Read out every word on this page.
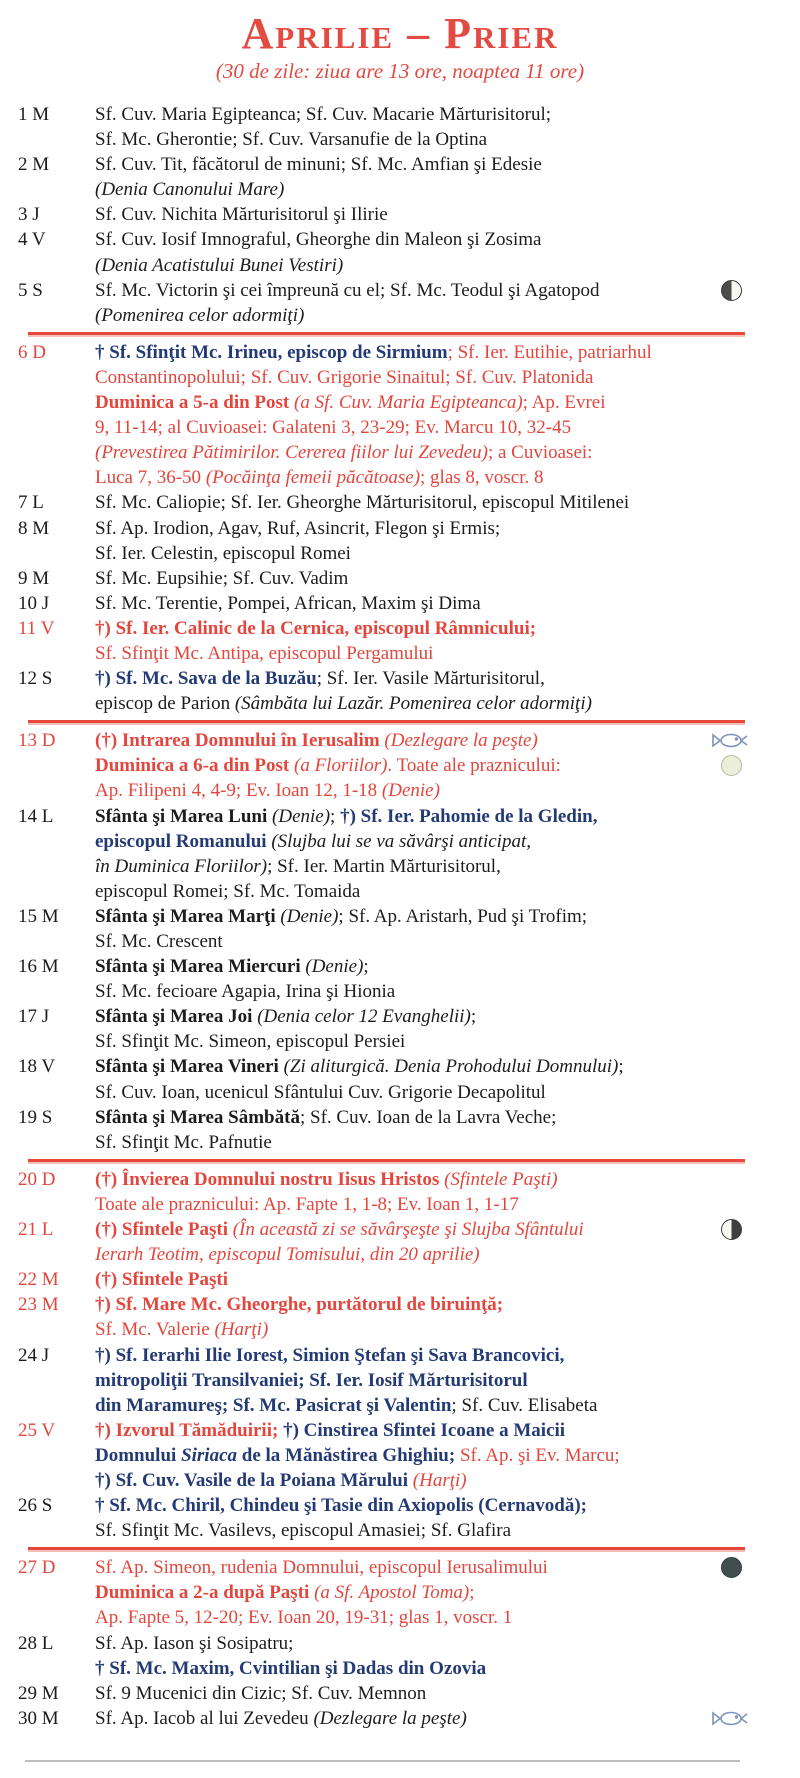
Aprilie – Prier
(30 de zile: ziua are 13 ore, noaptea 11 ore)
1 M	Sf. Cuv. Maria Egipteanca; Sf. Cuv. Macarie Mărturisitorul;
Sf. Mc. Gherontie; Sf. Cuv. Varsanufie de la Optina
2 M	Sf. Cuv. Tit, făcătorul de minuni; Sf. Mc. Amfian şi Edesie
(Denia Canonului Mare)
3 J	Sf. Cuv. Nichita Mărturisitorul şi Ilirie
4 V	Sf. Cuv. Iosif Imnograful, Gheorghe din Maleon şi Zosima
(Denia Acatistului Bunei Vestiri)
5 S	Sf. Mc. Victorin şi cei împreună cu el; Sf. Mc. Teodul şi Agatopod
(Pomenirea celor adormiţi)
6 D	† Sf. Sfinţit Mc. Irineu, episcop de Sirmium; Sf. Ier. Eutihie, patriarhul
Constantinopolului; Sf. Cuv. Grigorie Sinaitul; Sf. Cuv. Platonida
Duminica a 5-a din Post (a Sf. Cuv. Maria Egipteanca); Ap. Evrei
9, 11-14; al Cuvioasei: Galateni 3, 23-29; Ev. Marcu 10, 32-45
(Prevestirea Pătimirilor. Cererea fiilor lui Zevedeu); a Cuvioasei:
Luca 7, 36-50 (Pocăinţa femeii păcătoase); glas 8, voscr. 8
7 L	Sf. Mc. Caliopie; Sf. Ier. Gheorghe Mărturisitorul, episcopul Mitilenei
8 M	Sf. Ap. Irodion, Agav, Ruf, Asincrit, Flegon şi Ermis;
Sf. Ier. Celestin, episcopul Romei
9 M	Sf. Mc. Eupsihie; Sf. Cuv. Vadim
10 J	Sf. Mc. Terentie, Pompei, African, Maxim şi Dima
11 V	†) Sf. Ier. Calinic de la Cernica, episcopul Râmnicului;
Sf. Sfinţit Mc. Antipa, episcopul Pergamului
12 S	†) Sf. Mc. Sava de la Buzău; Sf. Ier. Vasile Mărturisitorul,
episcop de Parion (Sâmbăta lui Lazăr. Pomenirea celor adormiţi)
13 D	(†) Intrarea Domnului în Ierusalim (Dezlegare la peşte)
Duminica a 6-a din Post (a Floriilor). Toate ale praznicului:
Ap. Filipeni 4, 4-9; Ev. Ioan 12, 1-18 (Denie)
14 L	Sfânta şi Marea Luni (Denie); †) Sf. Ier. Pahomie de la Gledin,
episcopul Romanului (Slujba lui se va săvârşi anticipat,
în Duminica Floriilor); Sf. Ier. Martin Mărturisitorul,
episcopul Romei; Sf. Mc. Tomaida
15 M	Sfânta şi Marea Marţi (Denie); Sf. Ap. Aristarh, Pud şi Trofim;
Sf. Mc. Crescent
16 M	Sfânta şi Marea Miercuri (Denie);
Sf. Mc. fecioare Agapia, Irina şi Hionia
17 J	Sfânta şi Marea Joi (Denia celor 12 Evanghelii);
Sf. Sfinţit Mc. Simeon, episcopul Persiei
18 V	Sfânta şi Marea Vineri (Zi aliturgică. Denia Prohodului Domnului);
Sf. Cuv. Ioan, ucenicul Sfântului Cuv. Grigorie Decapolitul
19 S	Sfânta şi Marea Sâmbătă; Sf. Cuv. Ioan de la Lavra Veche;
Sf. Sfinţit Mc. Pafnutie
20 D	(†) Învierea Domnului nostru Iisus Hristos (Sfintele Paşti)
Toate ale praznicului: Ap. Fapte 1, 1-8; Ev. Ioan 1, 1-17
21 L	(†) Sfintele Paşti (În această zi se săvârşeşte şi Slujba Sfântului
Ierarh Teotim, episcopul Tomisului, din 20 aprilie)
22 M	(†) Sfintele Paşti
23 M	†) Sf. Mare Mc. Gheorghe, purtătorul de biruinţă;
Sf. Mc. Valerie (Harţi)
24 J	†) Sf. Ierarhi Ilie Iorest, Simion Ştefan şi Sava Brancovici,
mitropoliţii Transilvaniei; Sf. Ier. Iosif Mărturisitorul
din Maramureş; Sf. Mc. Pasicrat şi Valentin; Sf. Cuv. Elisabeta
25 V	†) Izvorul Tămăduirii; †) Cinstirea Sfintei Icoane a Maicii
Domnului Siriaca de la Mănăstirea Ghighiu; Sf. Ap. şi Ev. Marcu;
†) Sf. Cuv. Vasile de la Poiana Mărului (Harţi)
26 S	† Sf. Mc. Chiril, Chindeu şi Tasie din Axiopolis (Cernavodă);
Sf. Sfinţit Mc. Vasilevs, episcopul Amasiei; Sf. Glafira
27 D	Sf. Ap. Simeon, rudenia Domnului, episcopul Ierusalimului
Duminica a 2-a după Paşti (a Sf. Apostol Toma);
Ap. Fapte 5, 12-20; Ev. Ioan 20, 19-31; glas 1, voscr. 1
28 L	Sf. Ap. Iason şi Sosipatru;
† Sf. Mc. Maxim, Cvintilian şi Dadas din Ozovia
29 M	Sf. 9 Mucenici din Cizic; Sf. Cuv. Memnon
30 M	Sf. Ap. Iacob al lui Zevedeu (Dezlegare la peşte)
